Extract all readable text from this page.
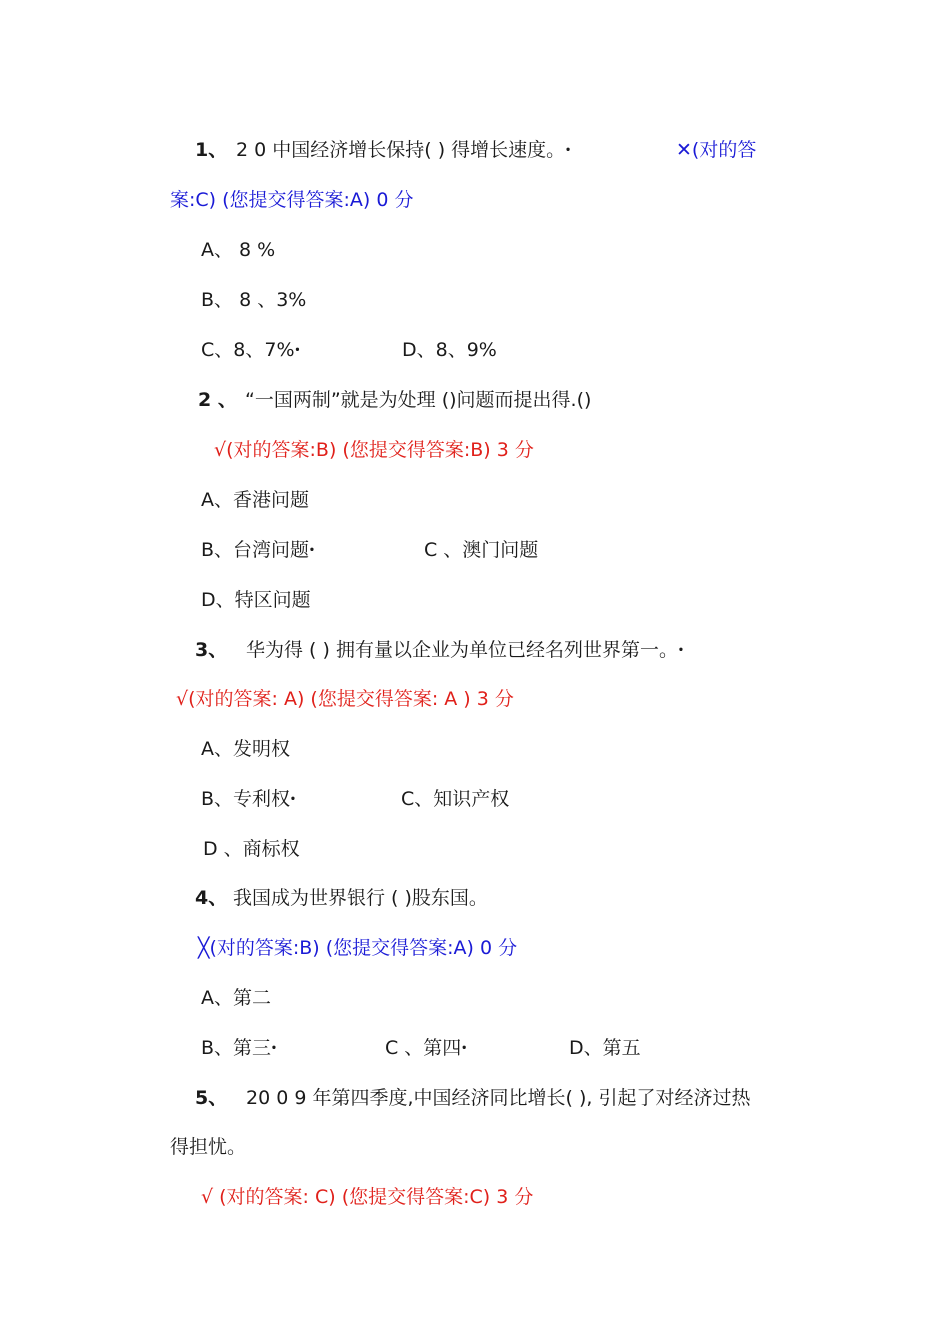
1、 2 0 中国经济增长保持( ) 得增长速度。ꞏ	✕(对的答
案:C) (您提交得答案:A) 0 分
A、 8 %
B、 8 、3%
C、8、7%ꞏ	D、8、9%
2 、 “一国两制”就是为处理 ()问题而提出得.()
√(对的答案:B) (您提交得答案:B) 3 分
A、香港问题
B、台湾问题ꞏ	C 、澳门问题
D、特区问题
3、 华为得 ( ) 拥有量以企业为单位已经名列世界第一。ꞏ
√(对的答案: A) (您提交得答案: A ) 3 分
A、发明权
B、专利权ꞏ	C、知识产权
D 、商标权
4、 我国成为世界银行 ( )股东国。
╳(对的答案:B) (您提交得答案:A) 0 分
A、第二
B、第三ꞏ	C 、第四ꞏ	D、第五
5、 20 0 9 年第四季度,中国经济同比增长( ), 引起了对经济过热
得担忧。
√ (对的答案: C) (您提交得答案:C) 3 分
